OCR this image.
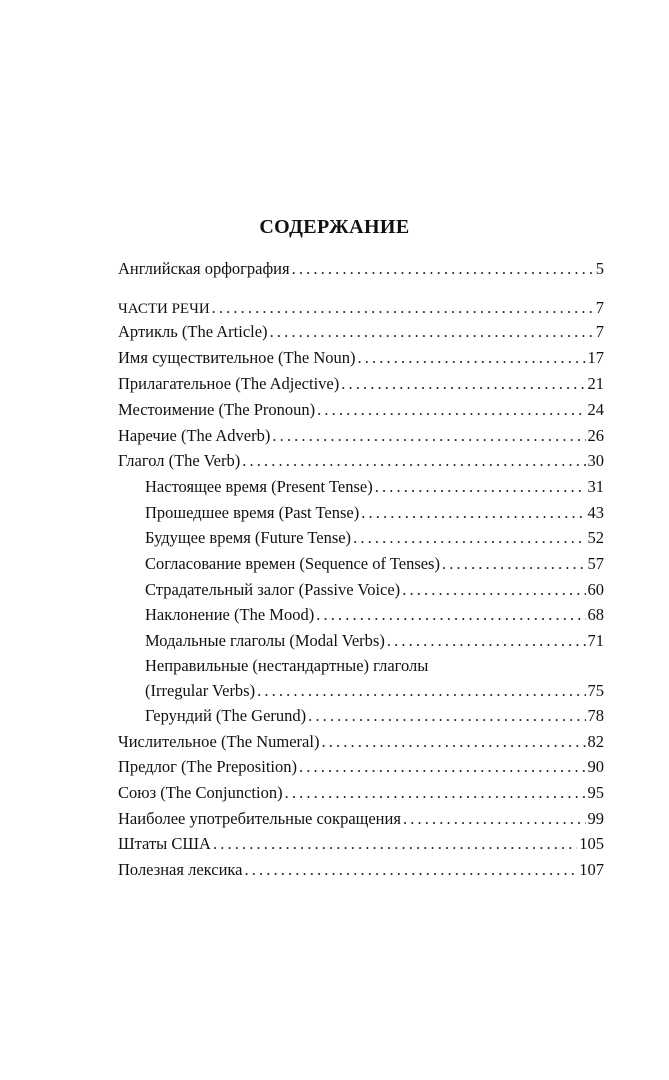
СОДЕРЖАНИЕ
Английская орфография . . .	5
ЧАСТИ РЕЧИ . . .	7
Артикль (The Article) . . .	7
Имя существительное (The Noun) . . .	17
Прилагательное (The Adjective) . . .	21
Местоимение (The Pronoun) . . .	24
Наречие (The Adverb) . . .	26
Глагол (The Verb) . . .	30
Настоящее время (Present Tense) . . .	31
Прошедшее время (Past Tense) . . .	43
Будущее время (Future Tense) . . .	52
Согласование времен (Sequence of Tenses) . . .	57
Страдательный залог (Passive Voice) . . .	60
Наклонение (The Mood) . . .	68
Модальные глаголы (Modal Verbs) . . .	71
Неправильные (нестандартные) глаголы
(Irregular Verbs) . . .	75
Герундий (The Gerund) . . .	78
Числительное (The Numeral) . . .	82
Предлог (The Preposition) . . .	90
Союз (The Conjunction) . . .	95
Наиболее употребительные сокращения . . .	99
Штаты США . . .	105
Полезная лексика . . .	107
